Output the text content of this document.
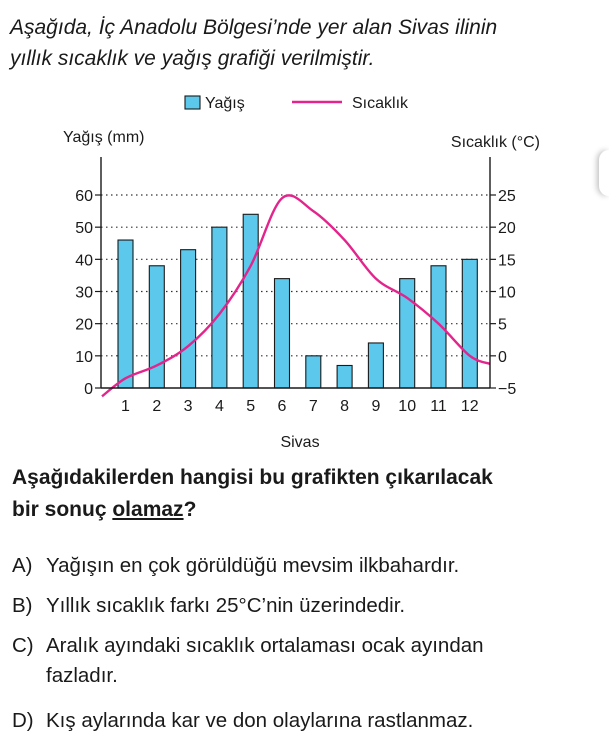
Aşağıda, İç Anadolu Bölgesi’nde yer alan Sivas ilinin
yıllık sıcaklık ve yağış grafiği verilmiştir.
0
10
20
30
40
50
60
−5
0
5
10
15
20
25
1 2 3 4 5 6 7 8 9 10 11 12
Yağış (mm)	Sıcaklık (°C)
Sivas
Yağış	Sıcaklık
Aşağıdakilerden hangisi bu grafikten çıkarılacak
bir sonuç olamaz?
A) Yağışın en çok görüldüğü mevsim ilkbahardır.
B) Yıllık sıcaklık farkı 25°C’nin üzerindedir.
C) Aralık ayındaki sıcaklık ortalaması ocak ayından
fazladır.
D) Kış aylarında kar ve don olaylarına rastlanmaz.
